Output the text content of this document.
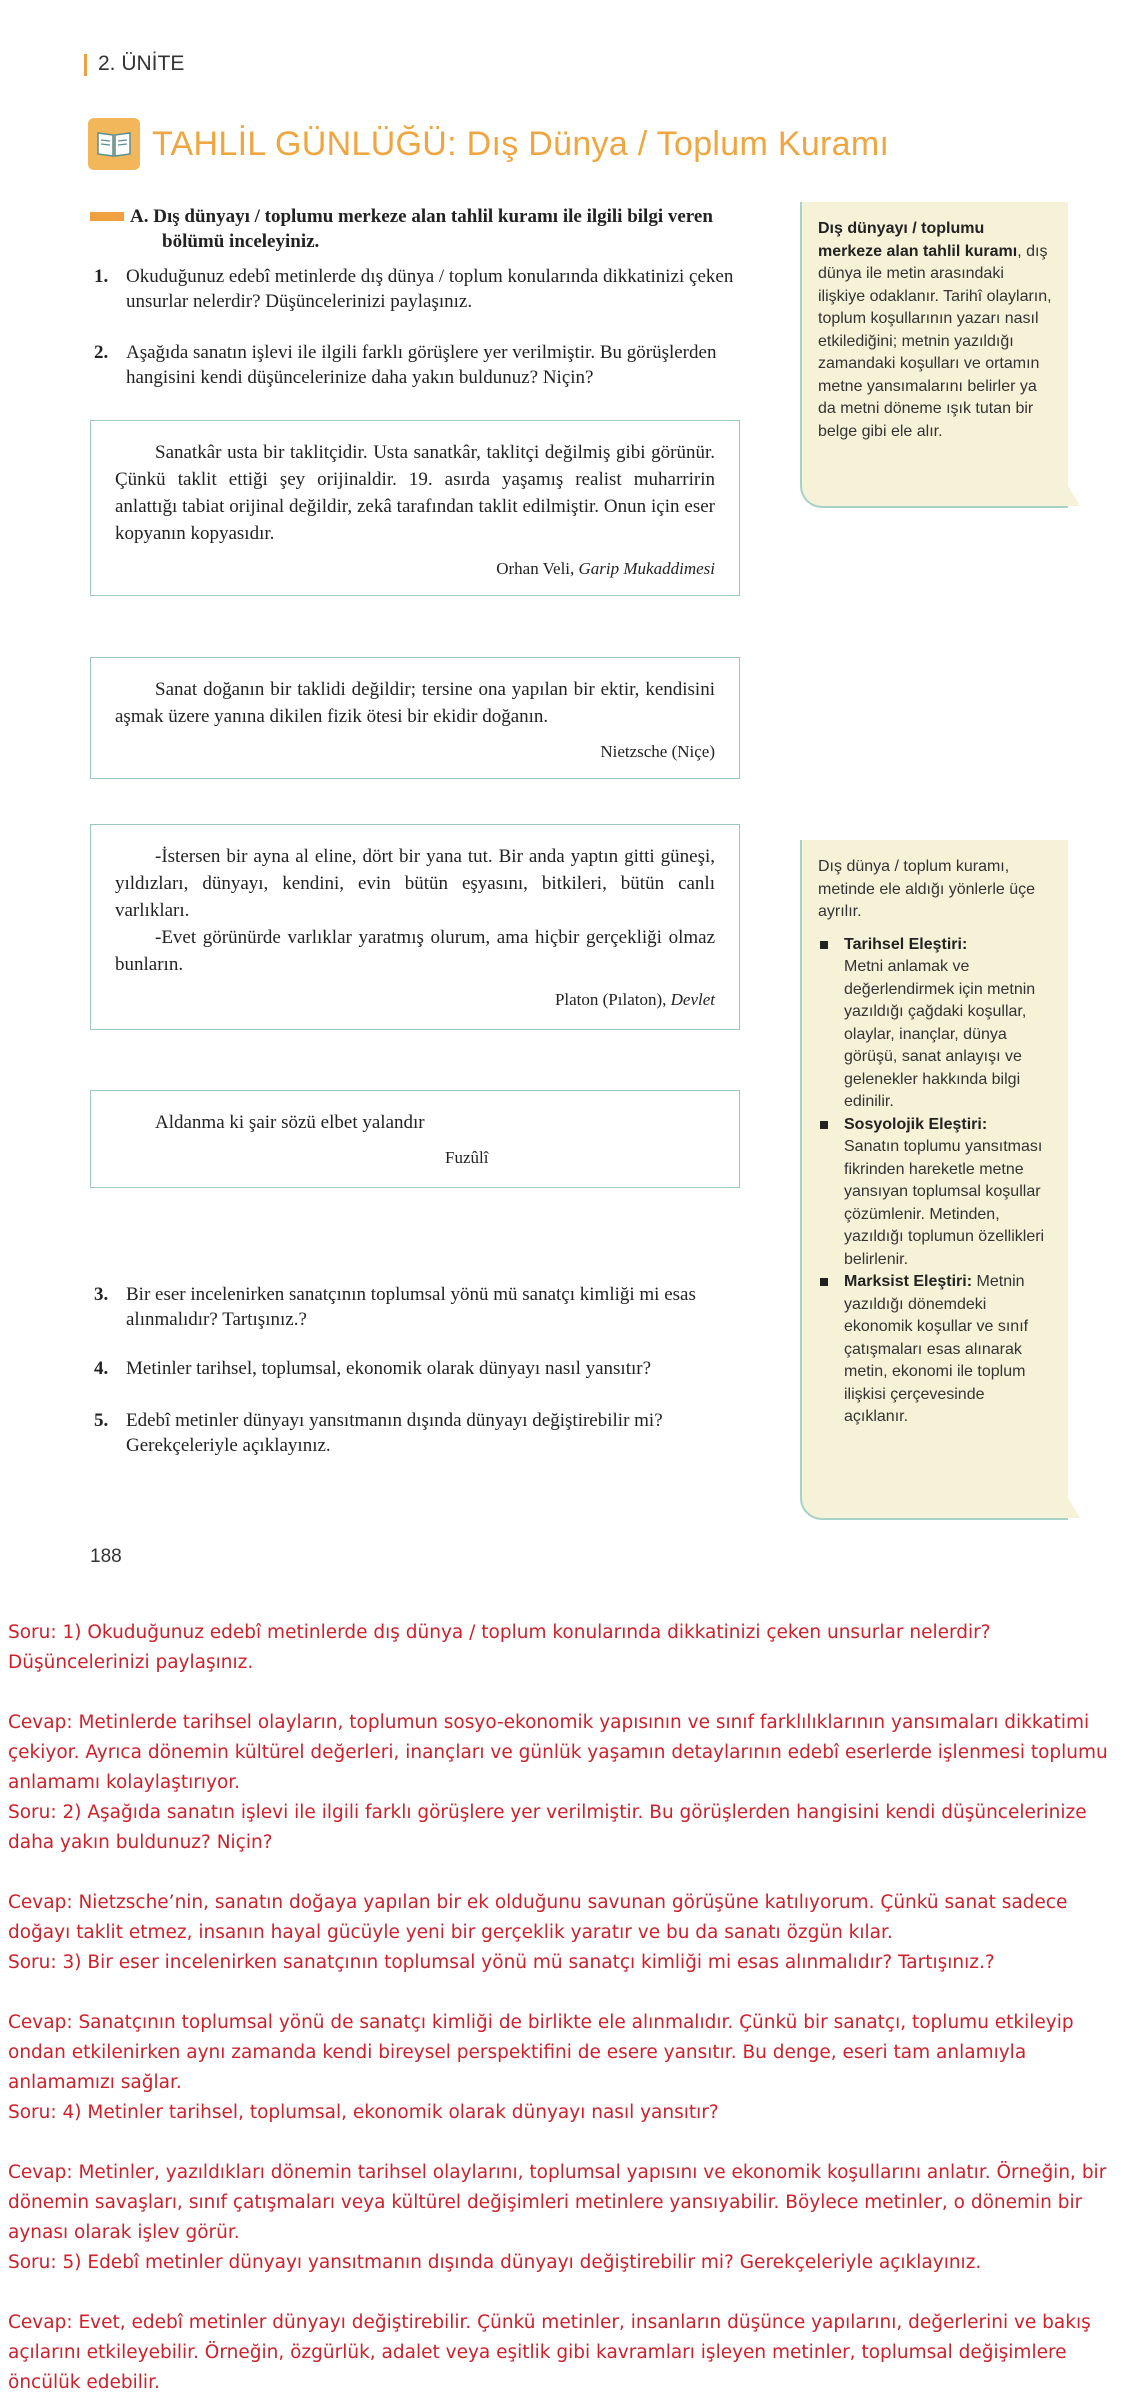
2. ÜNİTE
TAHLİL GÜNLÜĞÜ: Dış Dünya / Toplum Kuramı
A. Dış dünyayı / toplumu merkeze alan tahlil kuramı ile ilgili bilgi veren bölümü inceleyiniz.
1. Okuduğunuz edebî metinlerde dış dünya / toplum konularında dikkatinizi çeken unsurlar nelerdir? Düşüncelerinizi paylaşınız.
2. Aşağıda sanatın işlevi ile ilgili farklı görüşlere yer verilmiştir. Bu görüşlerden hangisini kendi düşüncelerinize daha yakın buldunuz? Niçin?

Sanatkâr usta bir taklitçidir. Usta sanatkâr, taklitçi değilmiş gibi görünür. Çünkü taklit ettiği şey orijinaldir. 19. asırda yaşamış realist muharririn anlattığı tabiat orijinal değildir, zekâ tarafından taklit edilmiştir. Onun için eser kopyanın kopyasıdır.

Orhan Veli, Garip Mukaddimesi

Sanat doğanın bir taklidi değildir; tersine ona yapılan bir ektir, kendisini aşmak üzere yanına dikilen fizik ötesi bir ekidir doğanın.

Nietzsche (Niçe)

-İstersen bir ayna al eline, dört bir yana tut. Bir anda yaptın gitti güneşi, yıldızları, dünyayı, kendini, evin bütün eşyasını, bitkileri, bütün canlı varlıkları.

-Evet görünürde varlıklar yaratmış olurum, ama hiçbir gerçekliği olmaz bunların.

Platon (Pılaton), Devlet

Aldanma ki şair sözü elbet yalandır

Fuzûlî
3. Bir eser incelenirken sanatçının toplumsal yönü mü sanatçı kimliği mi esas alınmalıdır? Tartışınız.?
4. Metinler tarihsel, toplumsal, ekonomik olarak dünyayı nasıl yansıtır?
5. Edebî metinler dünyayı yansıtmanın dışında dünyayı değiştirebilir mi? Gerekçeleriyle açıklayınız.
Dış dünyayı / toplumu merkeze alan tahlil kuramı, dış dünya ile metin arasındaki ilişkiye odaklanır. Tarihî olayların, toplum koşullarının yazarı nasıl etkilediğini; metnin yazıldığı zamandaki koşulları ve ortamın metne yansımalarını belirler ya da metni döneme ışık tutan bir belge gibi ele alır.
Dış dünya / toplum kuramı, metinde ele aldığı yönlerle üçe ayrılır.
Tarihsel Eleştiri:
Metni anlamak ve değerlendirmek için metnin yazıldığı çağdaki koşullar, olaylar, inançlar, dünya görüşü, sanat anlayışı ve gelenekler hakkında bilgi edinilir.
Sosyolojik Eleştiri:
Sanatın toplumu yansıtması fikrinden hareketle metne yansıyan toplumsal koşullar çözümlenir. Metinden, yazıldığı toplumun özellikleri belirlenir.
Marksist Eleştiri: Metnin yazıldığı dönemdeki ekonomik koşullar ve sınıf çatışmaları esas alınarak metin, ekonomi ile toplum ilişkisi çerçevesinde açıklanır.
188
Soru: 1) Okuduğunuz edebî metinlerde dış dünya / toplum konularında dikkatinizi çeken unsurlar nelerdir? Düşüncelerinizi paylaşınız.
Cevap: Metinlerde tarihsel olayların, toplumun sosyo-ekonomik yapısının ve sınıf farklılıklarının yansımaları dikkatimi çekiyor. Ayrıca dönemin kültürel değerleri, inançları ve günlük yaşamın detaylarının edebî eserlerde işlenmesi toplumu anlamamı kolaylaştırıyor.
Soru: 2) Aşağıda sanatın işlevi ile ilgili farklı görüşlere yer verilmiştir. Bu görüşlerden hangisini kendi düşüncelerinize daha yakın buldunuz? Niçin?
Cevap: Nietzsche’nin, sanatın doğaya yapılan bir ek olduğunu savunan görüşüne katılıyorum. Çünkü sanat sadece doğayı taklit etmez, insanın hayal gücüyle yeni bir gerçeklik yaratır ve bu da sanatı özgün kılar.
Soru: 3) Bir eser incelenirken sanatçının toplumsal yönü mü sanatçı kimliği mi esas alınmalıdır? Tartışınız.?
Cevap: Sanatçının toplumsal yönü de sanatçı kimliği de birlikte ele alınmalıdır. Çünkü bir sanatçı, toplumu etkileyip ondan etkilenirken aynı zamanda kendi bireysel perspektifini de esere yansıtır. Bu denge, eseri tam anlamıyla anlamamızı sağlar.
Soru: 4) Metinler tarihsel, toplumsal, ekonomik olarak dünyayı nasıl yansıtır?
Cevap: Metinler, yazıldıkları dönemin tarihsel olaylarını, toplumsal yapısını ve ekonomik koşullarını anlatır. Örneğin, bir dönemin savaşları, sınıf çatışmaları veya kültürel değişimleri metinlere yansıyabilir. Böylece metinler, o dönemin bir aynası olarak işlev görür.
Soru: 5) Edebî metinler dünyayı yansıtmanın dışında dünyayı değiştirebilir mi? Gerekçeleriyle açıklayınız.
Cevap: Evet, edebî metinler dünyayı değiştirebilir. Çünkü metinler, insanların düşünce yapılarını, değerlerini ve bakış açılarını etkileyebilir. Örneğin, özgürlük, adalet veya eşitlik gibi kavramları işleyen metinler, toplumsal değişimlere öncülük edebilir.
